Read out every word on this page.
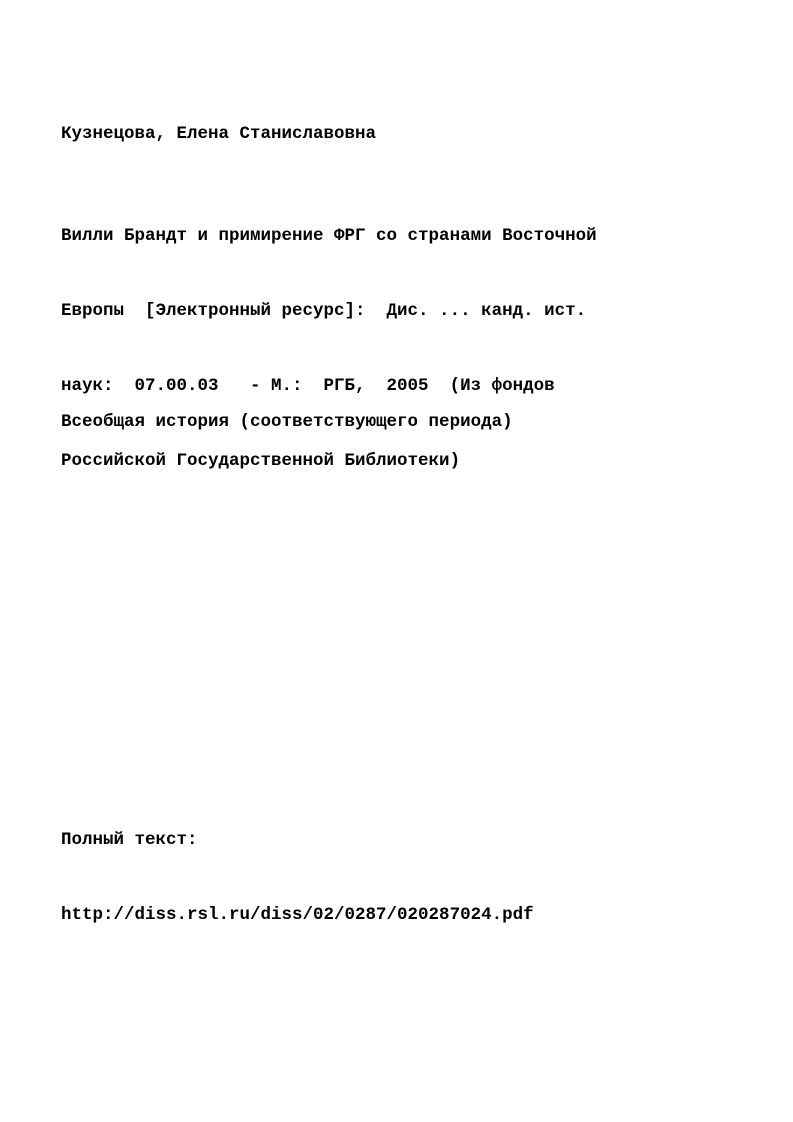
Кузнецова, Елена Станиславовна

Вилли Брандт и примирение ФРГ со странами Восточной

Европы  [Электронный ресурс]:  Дис. ... канд. ист.

наук:  07.00.03   - М.:  РГБ,  2005  (Из фондов

Российской Государственной Библиотеки)

Всеобщая история (соответствующего периода)

Полный текст:

http://diss.rsl.ru/diss/02/0287/020287024.pdf
